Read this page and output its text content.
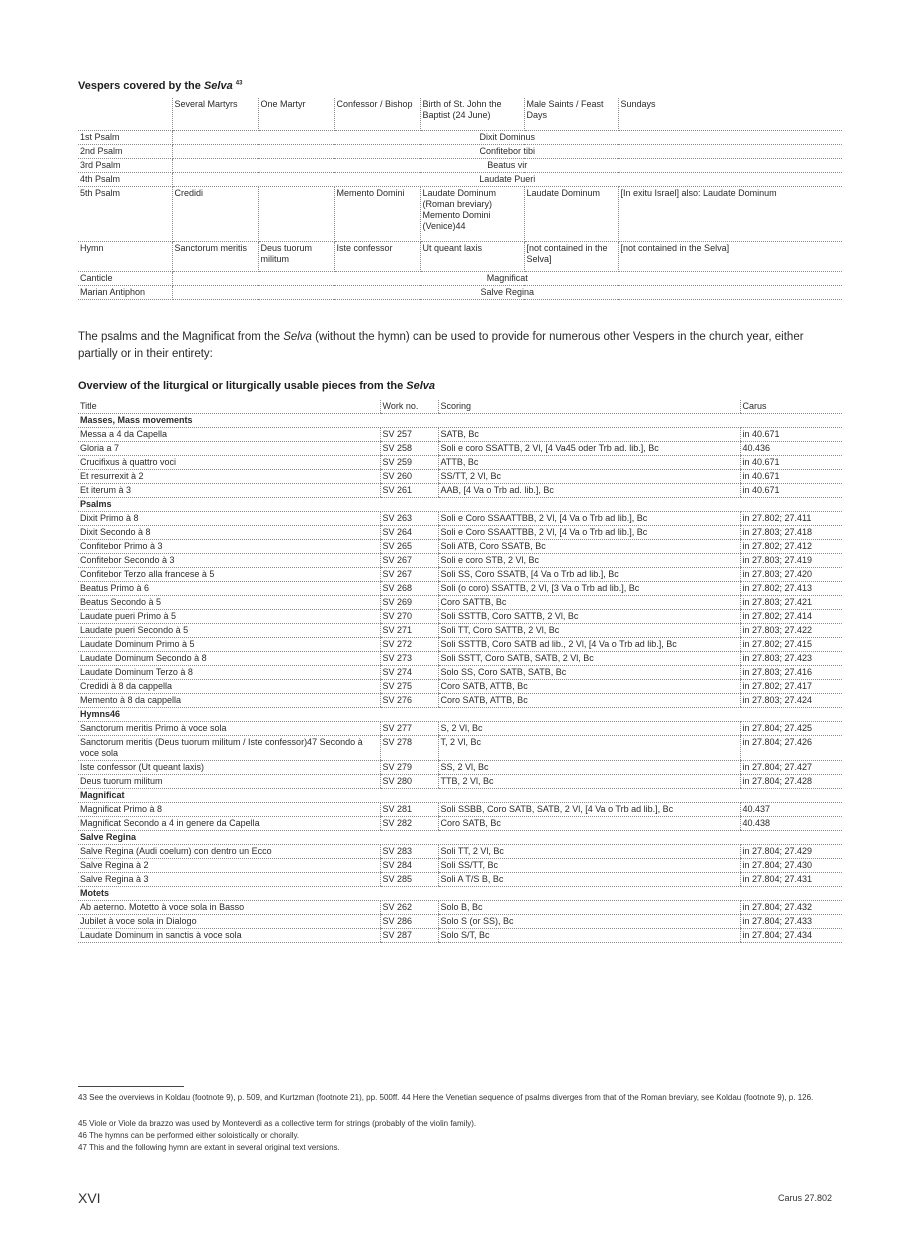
Vespers covered by the Selva $^{43}$
	Several Martyrs	One Martyr	Confessor / Bishop	Birth of St. John the Baptist (24 June)	Male Saints / Feast Days	Sundays
1st Psalm	Dixit Dominus					
2nd Psalm	Confitebor tibi					
3rd Psalm	Beatus vir					
4th Psalm	Laudate Pueri					
5th Psalm	Credidi		Memento Domini	Laudate Dominum (Roman breviary) Memento Domini (Venice)44	Laudate Dominum	[In exitu Israel] also: Laudate Dominum
Hymn	Sanctorum meritis	Deus tuorum militum	Iste confessor	Ut queant laxis	[not contained in the Selva]	[not contained in the Selva]
Canticle	Magnificat					
Marian Antiphon	Salve Regina					
The psalms and the Magnificat from the Selva (without the hymn) can be used to provide for numerous other Vespers in the church year, either partially or in their entirety:
Overview of the liturgical or liturgically usable pieces from the Selva
Title	Work no.	Scoring	Carus
Masses, Mass movements			
Messa a 4 da Capella	SV 257	SATB, Bc	in 40.671
Gloria a 7	SV 258	Soli e coro SSATTB, 2 Vl, [4 Va45 oder Trb ad. lib.], Bc	40.436
Crucifixus à quattro voci	SV 259	ATTB, Bc	in 40.671
Et resurrexit à 2	SV 260	SS/TT, 2 Vl, Bc	in 40.671
Et iterum à 3	SV 261	AAB, [4 Va o Trb ad. lib.], Bc	in 40.671
Psalms			
Dixit Primo à 8	SV 263	Soli e Coro SSAATTBB, 2 Vl, [4 Va o Trb ad lib.], Bc	in 27.802; 27.411
Dixit Secondo à 8	SV 264	Soli e Coro SSAATTBB, 2 Vl, [4 Va o Trb ad lib.], Bc	in 27.803; 27.418
Confitebor Primo à 3	SV 265	Soli ATB, Coro SSATB, Bc	in 27.802; 27.412
Confitebor Secondo à 3	SV 267	Soli e coro STB, 2 Vl, Bc	in 27.803; 27.419
Confitebor Terzo alla francese à 5	SV 267	Soli SS, Coro SSATB, [4 Va o Trb ad lib.], Bc	in 27.803; 27.420
Beatus Primo à 6	SV 268	Soli (o coro) SSATTB, 2 Vl, [3 Va o Trb ad lib.], Bc	in 27.802; 27.413
Beatus Secondo à 5	SV 269	Coro SATTB, Bc	in 27.803; 27.421
Laudate pueri Primo à 5	SV 270	Soli SSTTB, Coro SATTB, 2 Vl, Bc	in 27.802; 27.414
Laudate pueri Secondo à 5	SV 271	Soli TT, Coro SATTB, 2 Vl, Bc	in 27.803; 27.422
Laudate Dominum Primo à 5	SV 272	Soli SSTTB, Coro SATB ad lib., 2 Vl, [4 Va o Trb ad lib.], Bc	in 27.802; 27.415
Laudate Dominum Secondo à 8	SV 273	Soli SSTT, Coro SATB, SATB, 2 Vl, Bc	in 27.803; 27.423
Laudate Dominum Terzo à 8	SV 274	Solo SS, Coro SATB, SATB, Bc	in 27.803; 27.416
Credidi à 8 da cappella	SV 275	Coro SATB, ATTB, Bc	in 27.802; 27.417
Memento à 8 da cappella	SV 276	Coro SATB, ATTB, Bc	in 27.803; 27.424
Hymns46			
Sanctorum meritis Primo à voce sola	SV 277	S, 2 Vl, Bc	in 27.804; 27.425
Sanctorum meritis (Deus tuorum militum / Iste confessor)47 Secondo à voce sola	SV 278	T, 2 Vl, Bc	in 27.804; 27.426
Iste confessor (Ut queant laxis)	SV 279	SS, 2 Vl, Bc	in 27.804; 27.427
Deus tuorum militum	SV 280	TTB, 2 Vl, Bc	in 27.804; 27.428
Magnificat			
Magnificat Primo à 8	SV 281	Soli SSBB, Coro SATB, SATB, 2 Vl, [4 Va o Trb ad lib.], Bc	40.437
Magnificat Secondo a 4 in genere da Capella	SV 282	Coro SATB, Bc	40.438
Salve Regina			
Salve Regina (Audi coelum) con dentro un Ecco	SV 283	Soli TT, 2 Vl, Bc	in 27.804; 27.429
Salve Regina à 2	SV 284	Soli SS/TT, Bc	in 27.804; 27.430
Salve Regina à 3	SV 285	Soli A T/S B, Bc	in 27.804; 27.431
Motets			
Ab aeterno. Motetto à voce sola in Basso	SV 262	Solo B, Bc	in 27.804; 27.432
Jubilet à voce sola in Dialogo	SV 286	Solo S (or SS), Bc	in 27.804; 27.433
Laudate Dominum in sanctis à voce sola	SV 287	Solo S/T, Bc	in 27.804; 27.434
43 See the overviews in Koldau (footnote 9), p. 509, and Kurtzman (footnote 21), pp. 500ff. 44 Here the Venetian sequence of psalms diverges from that of the Roman breviary, see Koldau (footnote 9), p. 126.
45 Viole or Viole da brazzo was used by Monteverdi as a collective term for strings (probably of the violin family).
46 The hymns can be performed either soloistically or chorally.
47 This and the following hymn are extant in several original text versions.
XVI	Carus 27.802
